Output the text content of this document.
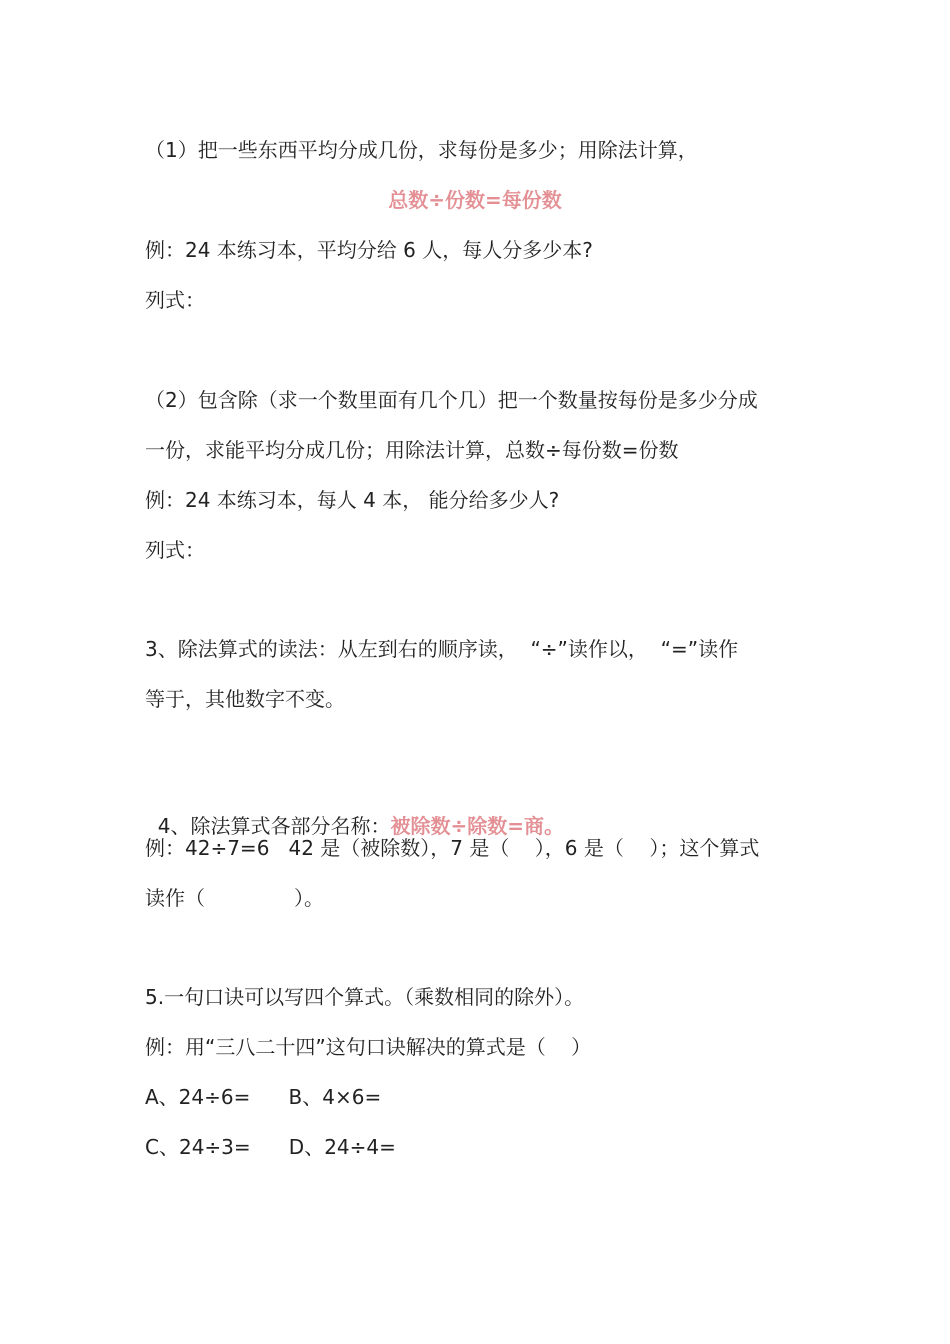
（1）把一些东西平均分成几份，求每份是多少；用除法计算，
总数÷份数=每份数
例：24 本练习本，平均分给 6 人，每人分多少本?
列式：
（2）包含除（求一个数里面有几个几）把一个数量按每份是多少分成
一份，求能平均分成几份；用除法计算，总数÷每份数=份数
例：24 本练习本，每人 4 本， 能分给多少人?
列式：
3、除法算式的读法：从左到右的顺序读，  “÷”读作以，  “=”读作
等于，其他数字不变。

4、除法算式各部分名称：被除数÷除数=商。

例：42÷7=6   42 是（被除数），7 是（    ），6 是（    ）；这个算式
读作（              ）。
5.一句口诀可以写四个算式。（乘数相同的除外）。
例：用“三八二十四”这句口诀解决的算式是（    ）
A、24÷6=      B、4×6=
C、24÷3=      D、24÷4=
